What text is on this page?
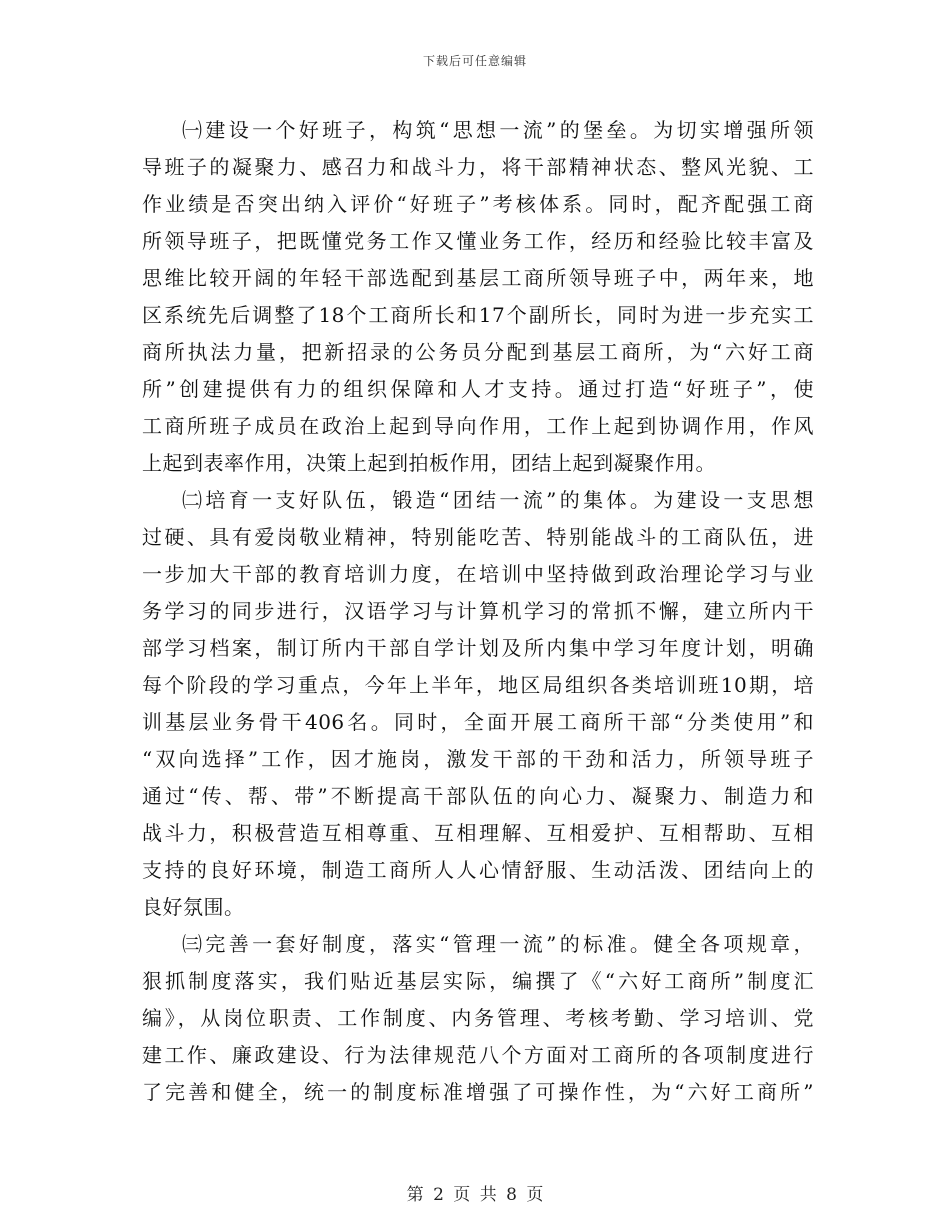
下载后可任意编辑
㈠建设一个好班子，构筑“思想一流”的堡垒。为切实增强所领
导班子的凝聚力、感召力和战斗力，将干部精神状态、整风光貌、工
作业绩是否突出纳入评价“好班子”考核体系。同时，配齐配强工商
所领导班子，把既懂党务工作又懂业务工作，经历和经验比较丰富及
思维比较开阔的年轻干部选配到基层工商所领导班子中，两年来，地
区系统先后调整了18个工商所长和17个副所长，同时为进一步充实工
商所执法力量，把新招录的公务员分配到基层工商所，为“六好工商
所”创建提供有力的组织保障和人才支持。通过打造“好班子”，使
工商所班子成员在政治上起到导向作用，工作上起到协调作用，作风
上起到表率作用，决策上起到拍板作用，团结上起到凝聚作用。
㈡培育一支好队伍，锻造“团结一流”的集体。为建设一支思想
过硬、具有爱岗敬业精神，特别能吃苦、特别能战斗的工商队伍，进
一步加大干部的教育培训力度，在培训中坚持做到政治理论学习与业
务学习的同步进行，汉语学习与计算机学习的常抓不懈，建立所内干
部学习档案，制订所内干部自学计划及所内集中学习年度计划，明确
每个阶段的学习重点，今年上半年，地区局组织各类培训班10期，培
训基层业务骨干406名。同时，全面开展工商所干部“分类使用”和
“双向选择”工作，因才施岗，激发干部的干劲和活力，所领导班子
通过“传、帮、带”不断提高干部队伍的向心力、凝聚力、制造力和
战斗力，积极营造互相尊重、互相理解、互相爱护、互相帮助、互相
支持的良好环境，制造工商所人人心情舒服、生动活泼、团结向上的
良好氛围。
㈢完善一套好制度，落实“管理一流”的标准。健全各项规章，
狠抓制度落实，我们贴近基层实际，编撰了《“六好工商所”制度汇
编》，从岗位职责、工作制度、内务管理、考核考勤、学习培训、党
建工作、廉政建设、行为法律规范八个方面对工商所的各项制度进行
了完善和健全，统一的制度标准增强了可操作性，为“六好工商所”
第 2 页 共 8 页
